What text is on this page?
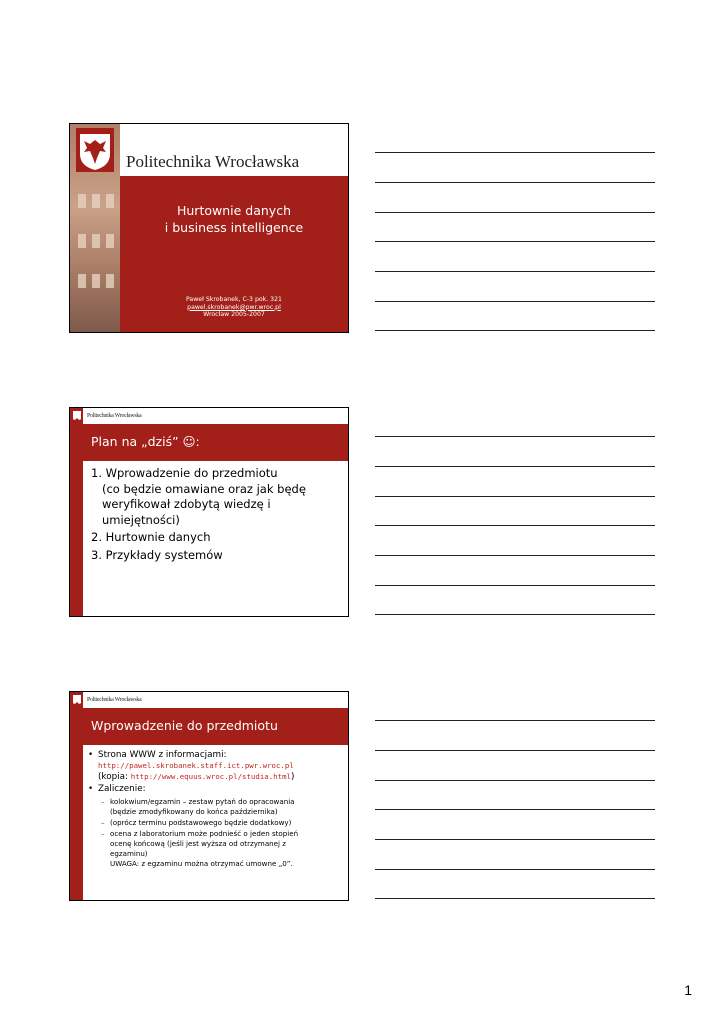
Politechnika Wrocławska
Hurtownie danych
i business intelligence
Paweł Skrobanek, C-3 pok. 321
pawel.skrobanek@pwr.wroc.pl
Wrocław 2005-2007
Politechnika Wrocławska
Plan na „dziś” ☺:
1. Wprowadzenie do przedmiotu
(co będzie omawiane oraz jak będę
weryfikował zdobytą wiedzę i
umiejętności)
2. Hurtownie danych
3. Przykłady systemów
Politechnika Wrocławska
Wprowadzenie do przedmiotu
• Strona WWW z informacjami:
http://pawel.skrobanek.staff.ict.pwr.wroc.pl
(kopia: http://www.equus.wroc.pl/studia.html)
• Zaliczenie:
– kolokwium/egzamin – zestaw pytań do opracowania
(będzie zmodyfikowany do końca października)
– (oprócz terminu podstawowego będzie dodatkowy)
– ocena z laboratorium może podnieść o jeden stopień
ocenę końcową (jeśli jest wyższa od otrzymanej z
egzaminu)
UWAGA: z egzaminu można otrzymać umowne „0”.
1
